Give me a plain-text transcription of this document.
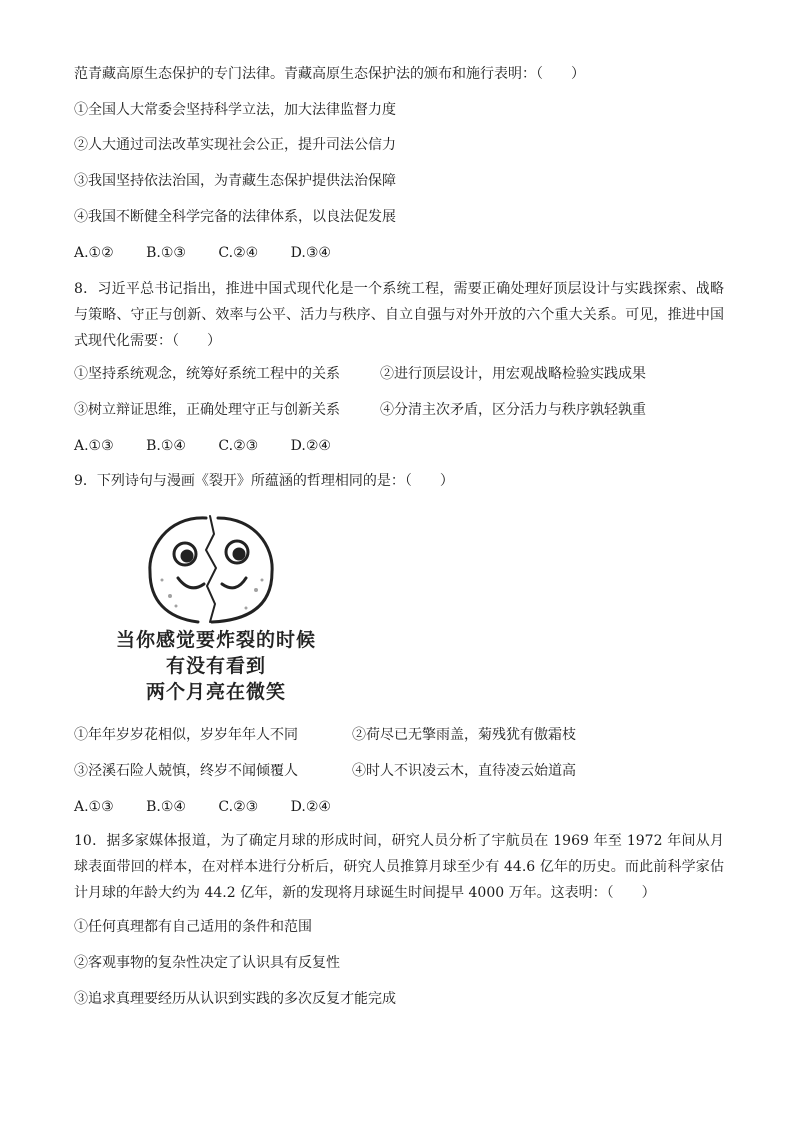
范青藏高原生态保护的专门法律。青藏高原生态保护法的颁布和施行表明：（　　）
①全国人大常委会坚持科学立法，加大法律监督力度
②人大通过司法改革实现社会公正，提升司法公信力
③我国坚持依法治国，为青藏生态保护提供法治保障
④我国不断健全科学完备的法律体系，以良法促发展
A.①② B.①③ C.②④ D.③④
8．习近平总书记指出，推进中国式现代化是一个系统工程，需要正确处理好顶层设计与实践探索、战略与策略、守正与创新、效率与公平、活力与秩序、自立自强与对外开放的六个重大关系。可见，推进中国式现代化需要：（　　）
①坚持系统观念，统筹好系统工程中的关系	②进行顶层设计，用宏观战略检验实践成果
③树立辩证思维，正确处理守正与创新关系	④分清主次矛盾，区分活力与秩序孰轻孰重
A.①③ B.①④ C.②③ D.②④
9．下列诗句与漫画《裂开》所蕴涵的哲理相同的是：（　　）
当你感觉要炸裂的时候
有没有看到
两个月亮在微笑
①年年岁岁花相似，岁岁年年人不同	②荷尽已无擎雨盖，菊残犹有傲霜枝
③泾溪石险人兢慎，终岁不闻倾覆人	④时人不识凌云木，直待凌云始道高
A.①③ B.①④ C.②③ D.②④
10．据多家媒体报道，为了确定月球的形成时间，研究人员分析了宇航员在 1969 年至 1972 年间从月球表面带回的样本，在对样本进行分析后，研究人员推算月球至少有 44.6 亿年的历史。而此前科学家估计月球的年龄大约为 44.2 亿年，新的发现将月球诞生时间提早 4000 万年。这表明：（　　）
①任何真理都有自己适用的条件和范围
②客观事物的复杂性决定了认识具有反复性
③追求真理要经历从认识到实践的多次反复才能完成
